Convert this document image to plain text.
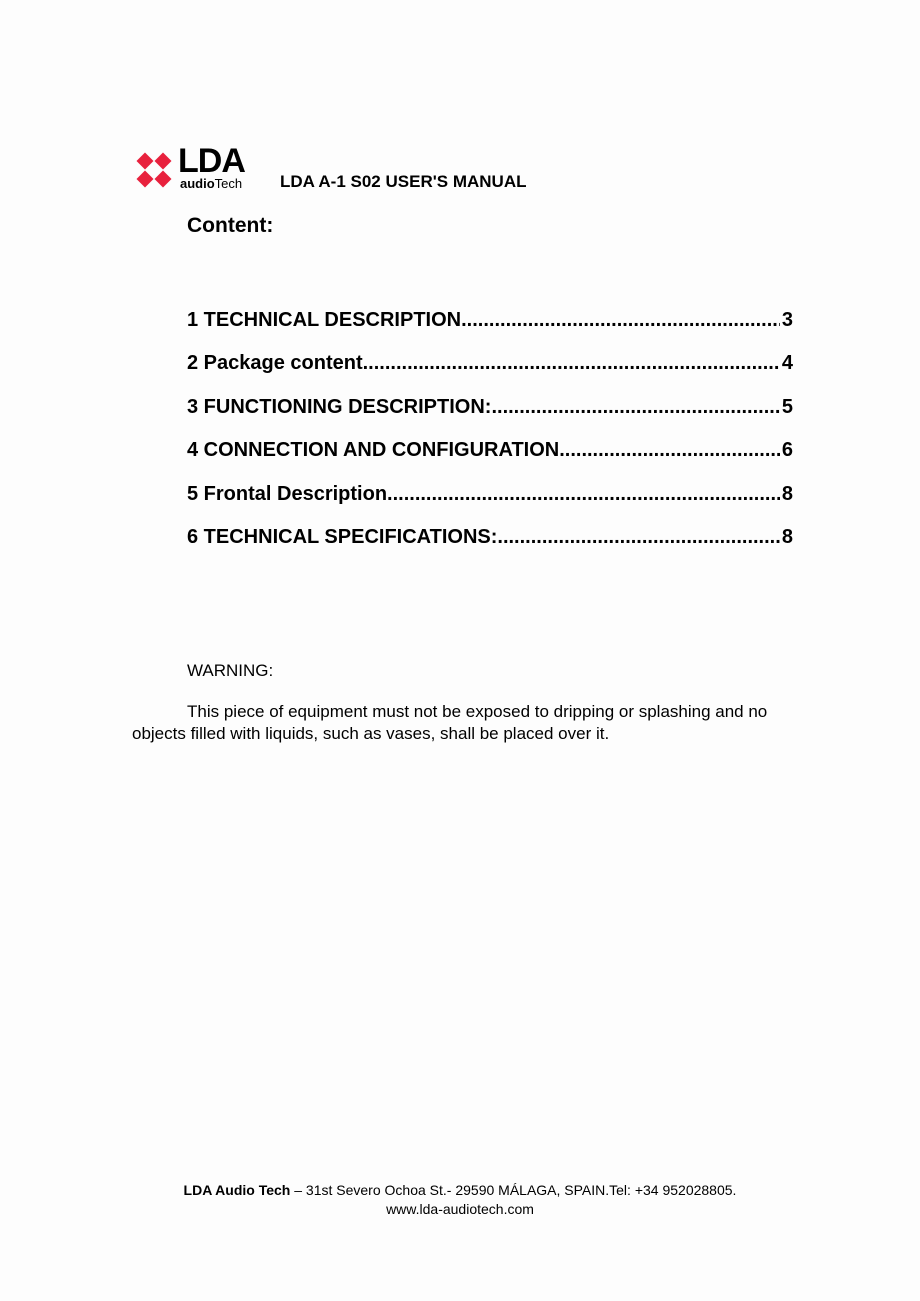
LDA
audioTech LDA A-1 S02 USER'S MANUAL
Content:
1 TECHNICAL DESCRIPTION .....	3
2 Package content .....	4
3 FUNCTIONING DESCRIPTION: .....	5
4 CONNECTION AND CONFIGURATION .....	6
5 Frontal Description .....	8
6 TECHNICAL SPECIFICATIONS: .....	8
WARNING:
This piece of equipment must not be exposed to dripping or splashing and no objects filled with liquids, such as vases, shall be placed over it.
LDA Audio Tech – 31st Severo Ochoa St.- 29590 MÁLAGA, SPAIN.Tel: +34 952028805.
www.lda-audiotech.com
